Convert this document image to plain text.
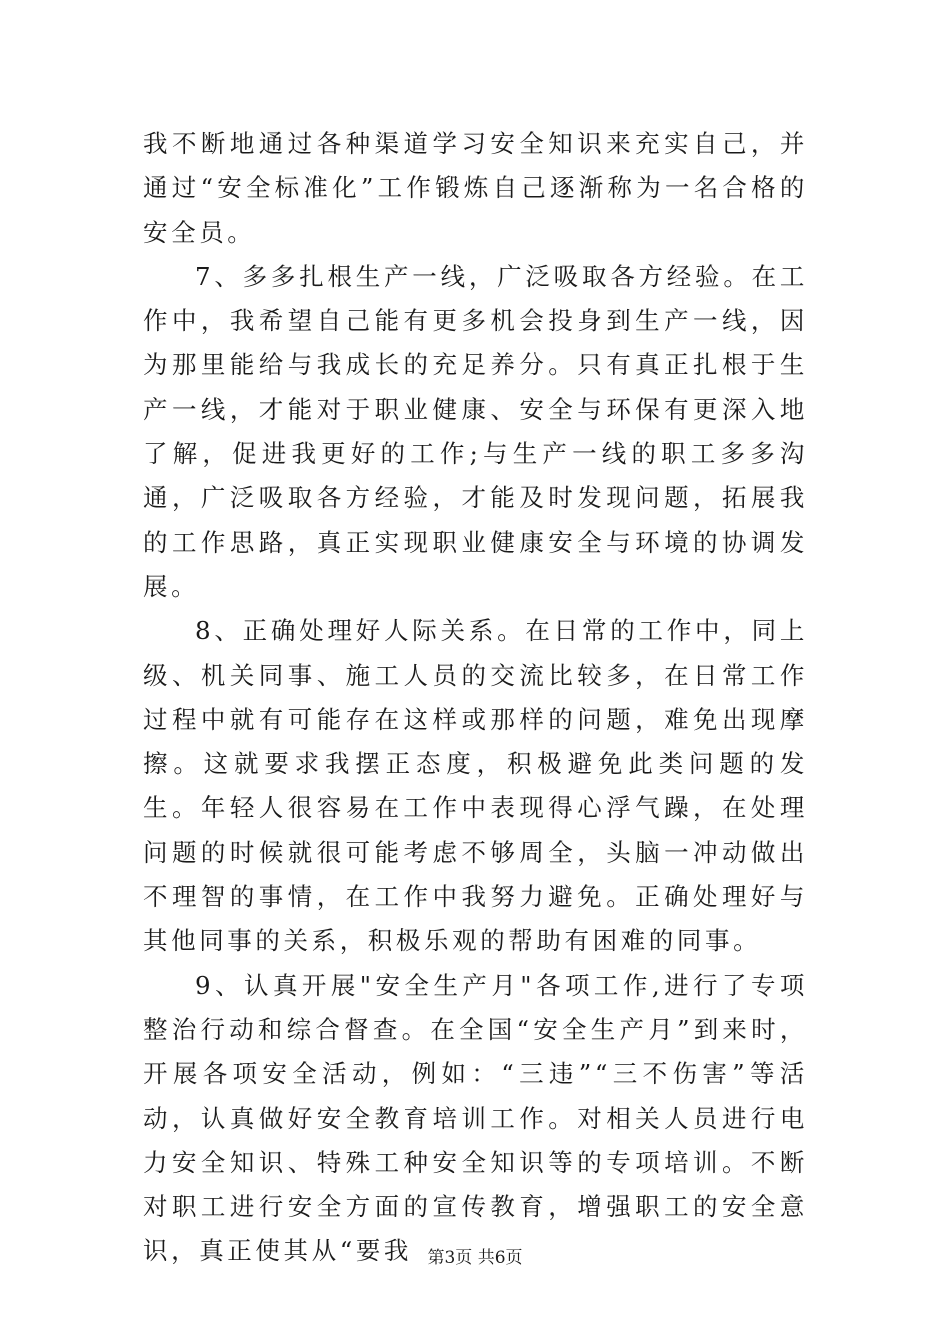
我不断地通过各种渠道学习安全知识来充实自己，并通过“安全标准化”工作锻炼自己逐渐称为一名合格的安全员。

7、多多扎根生产一线，广泛吸取各方经验。在工作中，我希望自己能有更多机会投身到生产一线，因为那里能给与我成长的充足养分。只有真正扎根于生产一线，才能对于职业健康、安全与环保有更深入地了解，促进我更好的工作;与生产一线的职工多多沟通，广泛吸取各方经验，才能及时发现问题，拓展我的工作思路，真正实现职业健康安全与环境的协调发展。

8、正确处理好人际关系。在日常的工作中，同上级、机关同事、施工人员的交流比较多，在日常工作过程中就有可能存在这样或那样的问题，难免出现摩擦。这就要求我摆正态度，积极避免此类问题的发生。年轻人很容易在工作中表现得心浮气躁，在处理问题的时候就很可能考虑不够周全，头脑一冲动做出不理智的事情，在工作中我努力避免。正确处理好与其他同事的关系，积极乐观的帮助有困难的同事。

9、认真开展"安全生产月"各项工作,进行了专项整治行动和综合督查。在全国“安全生产月”到来时，开展各项安全活动，例如：“三违”“三不伤害”等活动，认真做好安全教育培训工作。对相关人员进行电力安全知识、特殊工种安全知识等的专项培训。不断对职工进行安全方面的宣传教育，增强职工的安全意识，真正使其从“要我 第3页 共6页
